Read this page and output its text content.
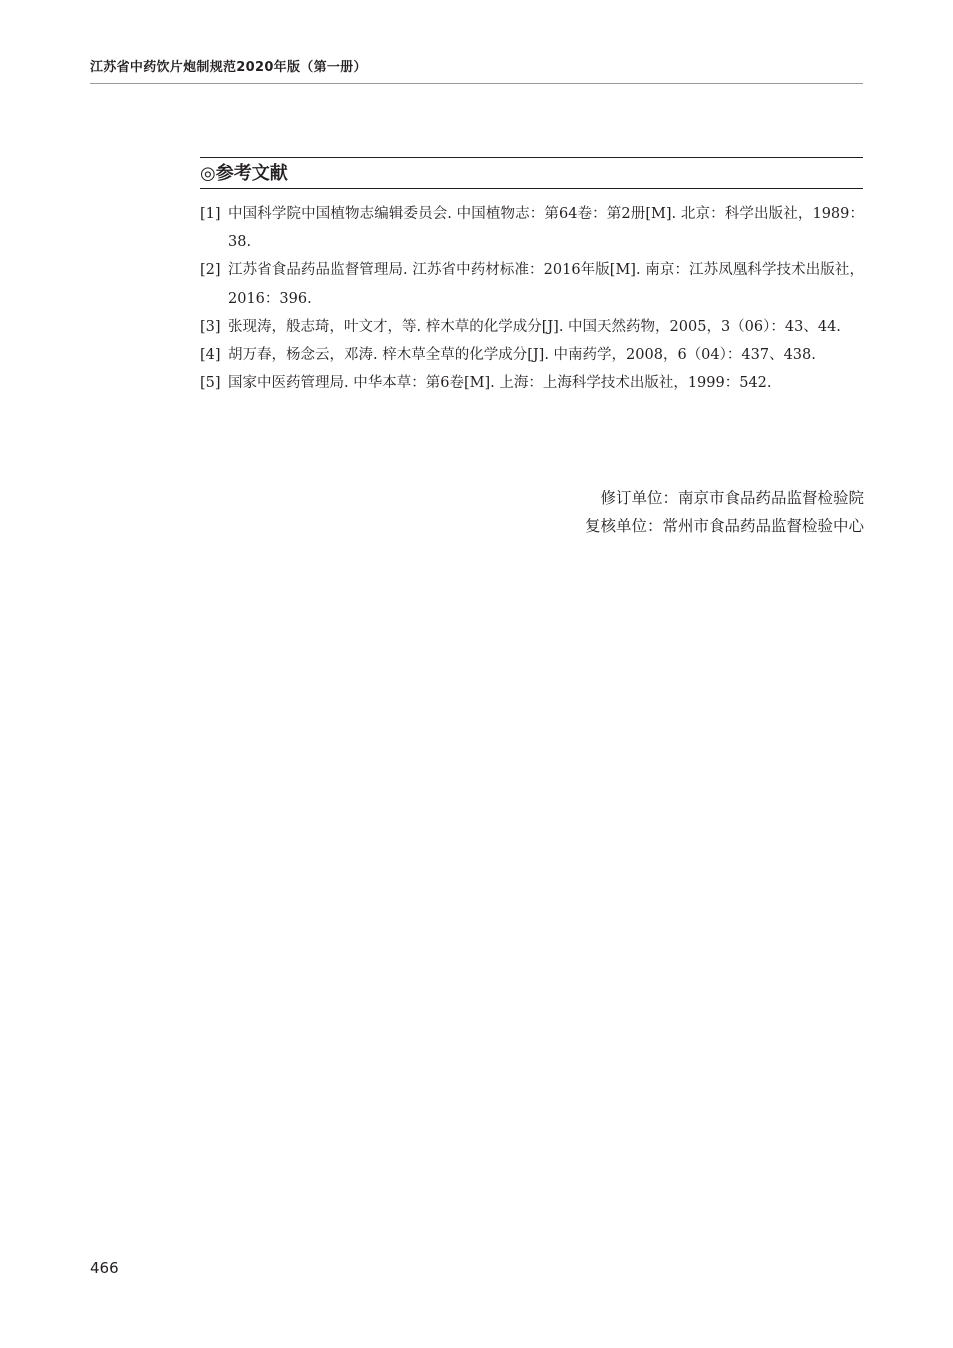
江苏省中药饮片炮制规范2020年版（第一册）
◎参考文献
[1] 中国科学院中国植物志编辑委员会. 中国植物志：第64卷：第2册[M]. 北京：科学出版社，1989：38.
[2] 江苏省食品药品监督管理局. 江苏省中药材标准：2016年版[M]. 南京：江苏凤凰科学技术出版社，2016：396.
[3] 张现涛，般志琦，叶文才，等. 梓木草的化学成分[J]. 中国天然药物，2005，3（06）：43、44.
[4] 胡万春，杨念云，邓涛. 梓木草全草的化学成分[J]. 中南药学，2008，6（04）：437、438.
[5] 国家中医药管理局. 中华本草：第6卷[M]. 上海：上海科学技术出版社，1999：542.
修订单位：南京市食品药品监督检验院
复核单位：常州市食品药品监督检验中心
466
